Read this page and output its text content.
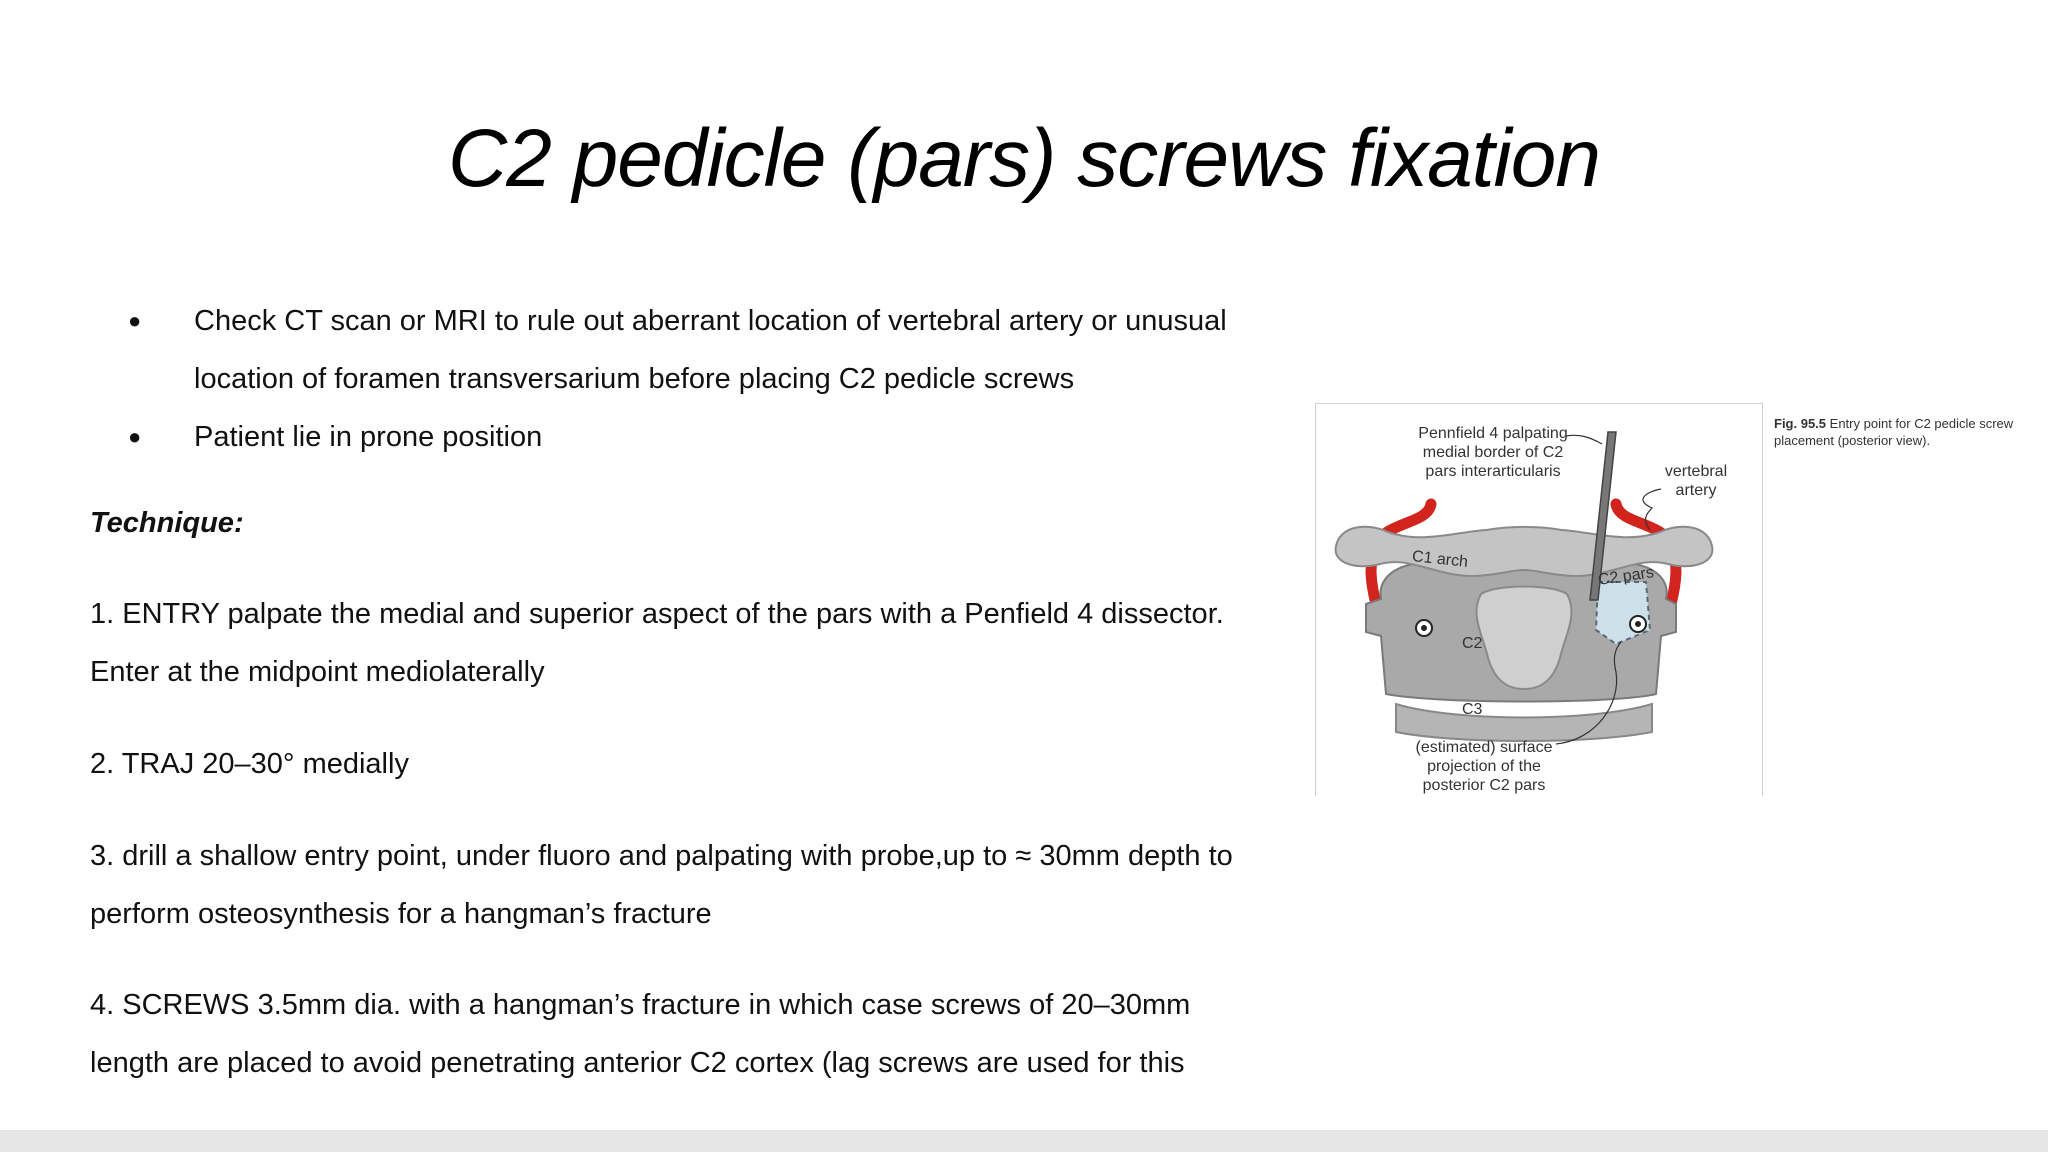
C2 pedicle (pars) screws fixation
● Check CT scan or MRI to rule out aberrant location of vertebral artery or unusual location of foramen transversarium before placing C2 pedicle screws
● Patient lie in prone position

Technique:

1. ENTRY palpate the medial and superior aspect of the pars with a Penfield 4 dissector. Enter at the midpoint mediolaterally

2. TRAJ 20–30° medially

3. drill a shallow entry point, under fluoro and palpating with probe,up to ≈ 30mm depth to perform osteosynthesis for a hangman’s fracture

4. SCREWS 3.5mm dia. with a hangman’s fracture in which case screws of 20–30mm length are placed to avoid penetrating anterior C2 cortex (lag screws are used for this

Pennfield 4 palpating medial border of C2 pars interarticularis	vertebral artery
C1 arch
C2 pars
C2
C3
(estimated) surface projection of the posterior C2 pars
Fig. 95.5 Entry point for C2 pedicle screw placement (posterior view).
